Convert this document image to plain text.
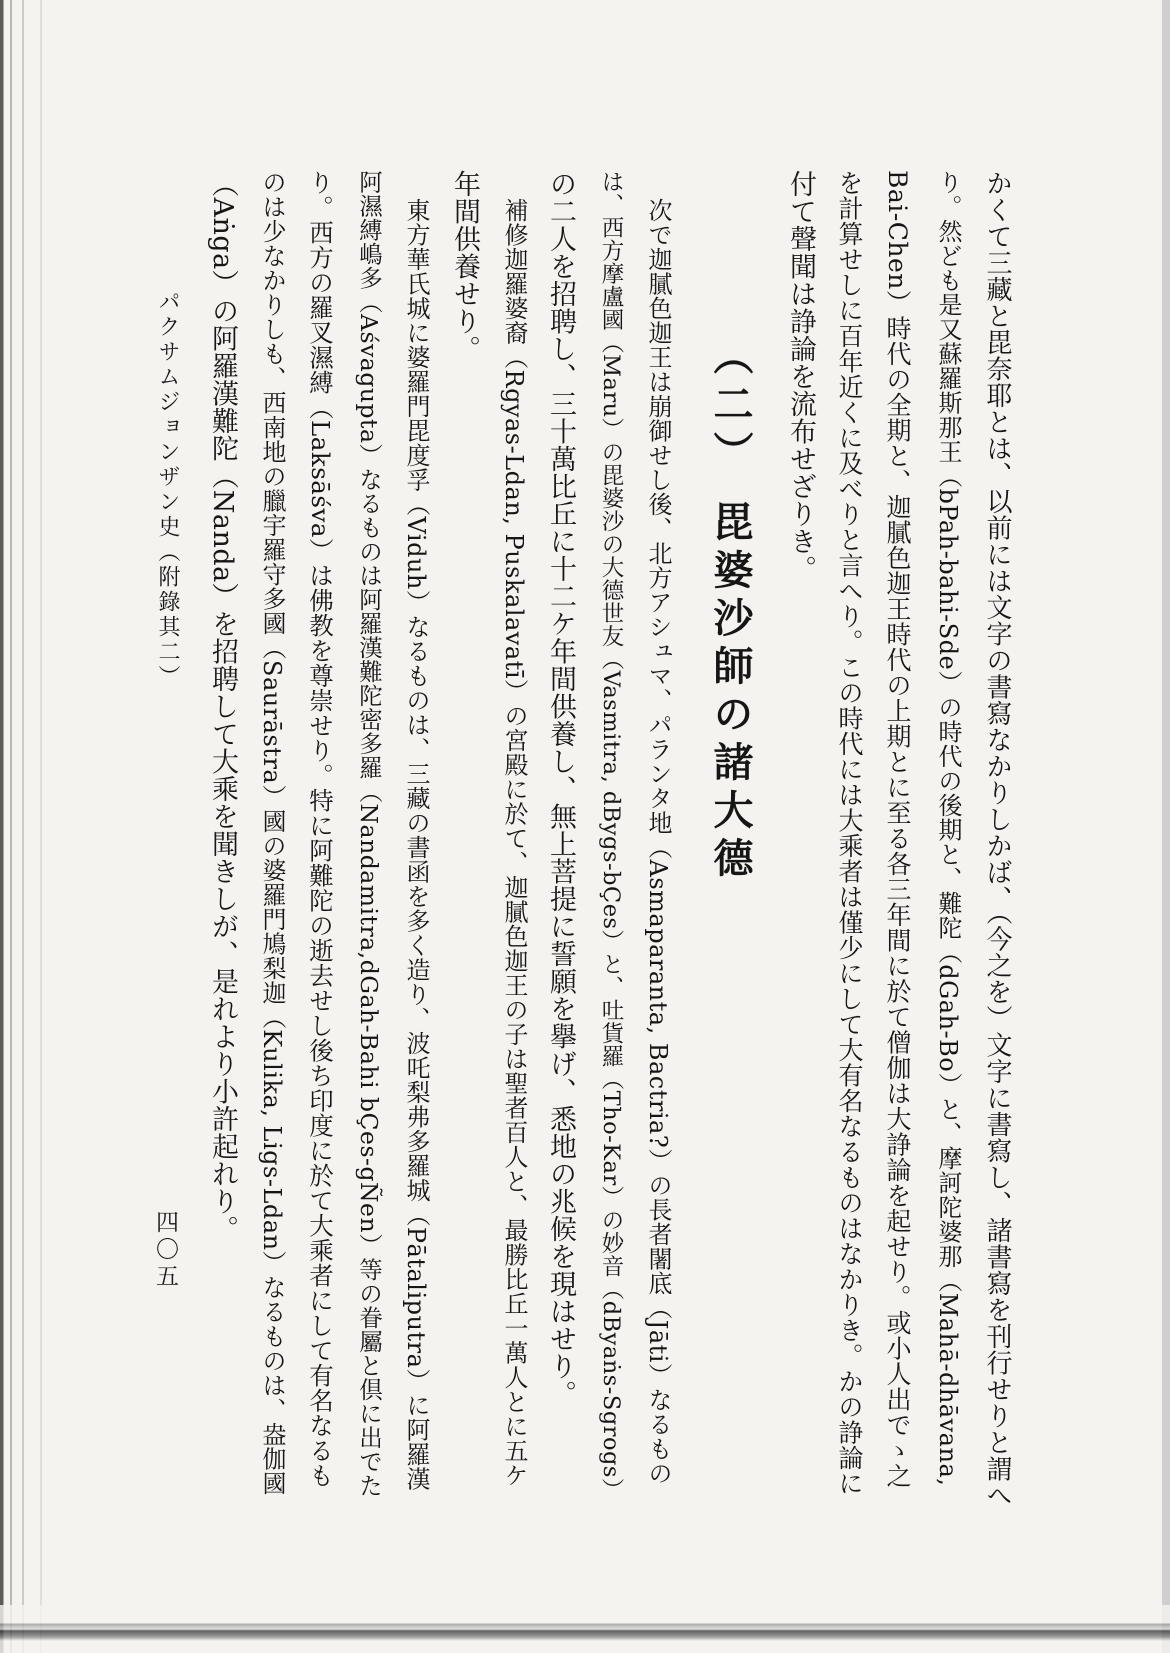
かくて三藏と毘奈耶とは、以前には文字の書寫なかりしかば、（今之を）文字に書寫し、諸書寫を刊行せりと謂へ
り。然ども是又蘇羅斯那王（bPah-bahi-Sde）の時代の後期と、難陀（dGah-Bo）と、摩訶陀婆那（Mahā-dhāvana,
Bai-Chen）時代の全期と、迦膩色迦王時代の上期とに至る各三年間に於て僧伽は大諍論を起せり。或小人出でゝ之
を計算せしに百年近くに及べりと言へり。この時代には大乘者は僅少にして大有名なるものはなかりき。かの諍論に
付て聲聞は諍論を流布せざりき。
（二） 毘婆沙師の諸大德
次で迦膩色迦王は崩御せし後、北方アシュマ、パランタ地（Asmaparanta, Bactria?）の長者闍底（Jāti）なるもの
は、西方摩盧國（Maru）の毘婆沙の大德世友（Vasmitra, dBygs-bÇes）と、吐貨羅（Tho-Kar）の妙音（dByaṅs-Sgrogs）
の二人を招聘し、三十萬比丘に十二ケ年間供養し、無上菩提に誓願を擧げ、悉地の兆候を現はせり。
補修迦羅婆裔（Rgyas-Ldan, Puskalavatī）の宮殿に於て、迦膩色迦王の子は聖者百人と、最勝比丘一萬人とに五ケ
年間供養せり。
東方華氏城に婆羅門毘度孚（Viduh）なるものは、三藏の書函を多く造り、波吒梨弗多羅城（Pātaliputra）に阿羅漢
阿濕縛嶋多（Aśvagupta）なるものは阿羅漢難陀密多羅（Nandamitra,dGah-Bahi bÇes-gÑen）等の眷屬と倶に出でた
り。西方の羅叉濕縛（Laksāśva）は佛教を尊崇せり。特に阿難陀の逝去せし後ち印度に於て大乘者にして有名なるも
のは少なかりしも、西南地の臘宇羅守多國（Saurāstra）國の婆羅門鳩梨迦（Kulika, Ligs-Ldan）なるものは、盎伽國
（Aṅga）の阿羅漢難陀（Nanda）を招聘して大乘を聞きしが、是れより小許起れり。
パクサムジョンザン史（附錄其二）
四〇五
